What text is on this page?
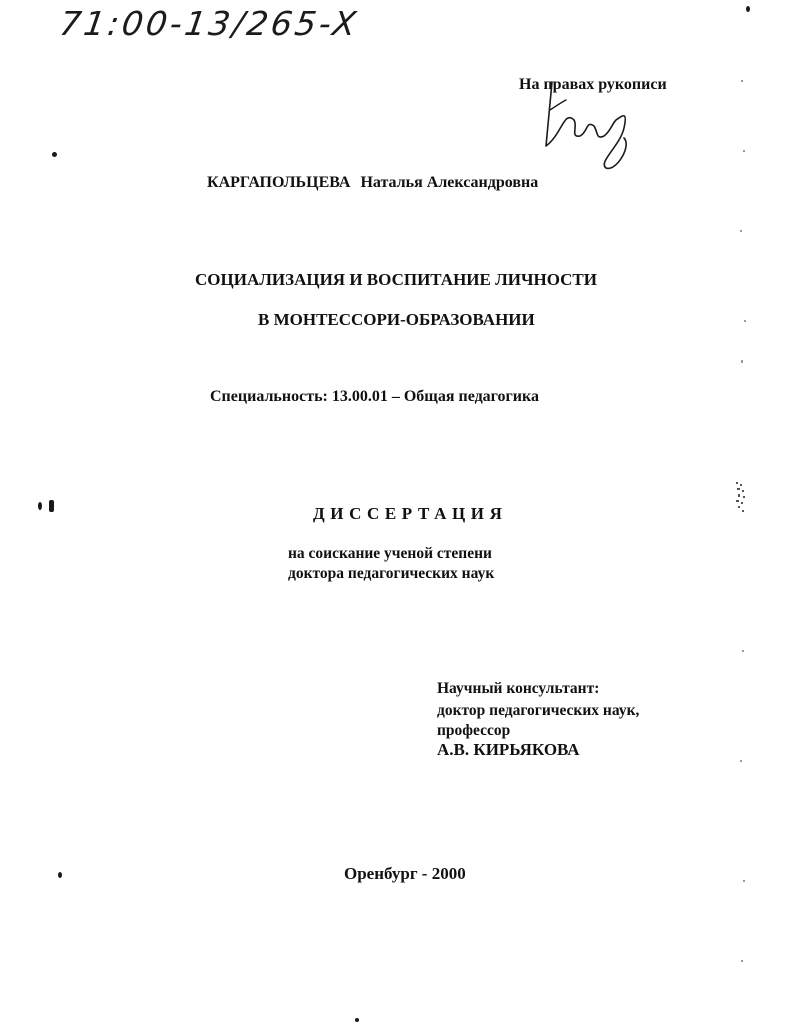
71:00-13/265-X
На правах рукописи
КАРГАПОЛЬЦЕВА Наталья Александровна
СОЦИАЛИЗАЦИЯ И ВОСПИТАНИЕ ЛИЧНОСТИ
В МОНТЕССОРИ-ОБРАЗОВАНИИ
Специальность: 13.00.01 – Общая педагогика
ДИССЕРТАЦИЯ
на соискание ученой степени
доктора педагогических наук
Научный консультант:
доктор педагогических наук,
профессор
А.В. КИРЬЯКОВА
Оренбург - 2000
